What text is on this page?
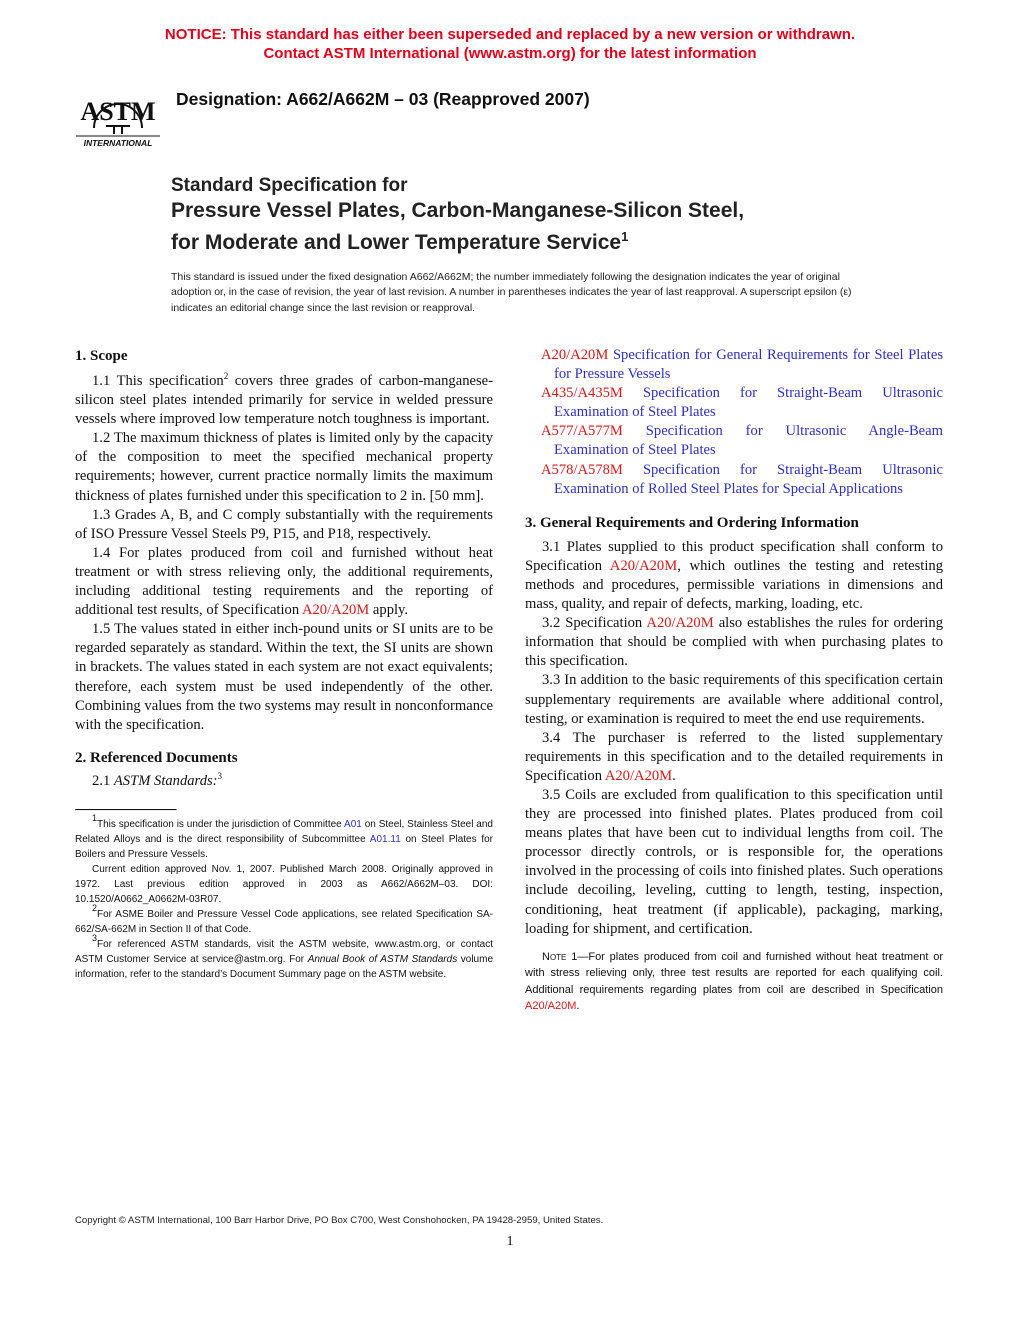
NOTICE: This standard has either been superseded and replaced by a new version or withdrawn.
Contact ASTM International (www.astm.org) for the latest information
ASTM
INTERNATIONAL
Designation: A662/A662M – 03 (Reapproved 2007)
Standard Specification for
Pressure Vessel Plates, Carbon-Manganese-Silicon Steel,
for Moderate and Lower Temperature Service$^1$
This standard is issued under the fixed designation A662/A662M; the number immediately following the designation indicates the year of original adoption or, in the case of revision, the year of last revision. A number in parentheses indicates the year of last reapproval. A superscript epsilon (ε) indicates an editorial change since the last revision or reapproval.
1. Scope

1.1 This specification$^2$ covers three grades of carbon-manganese-silicon steel plates intended primarily for service in welded pressure vessels where improved low temperature notch toughness is important.

1.2 The maximum thickness of plates is limited only by the capacity of the composition to meet the specified mechanical property requirements; however, current practice normally limits the maximum thickness of plates furnished under this specification to 2 in. [50 mm].

1.3 Grades A, B, and C comply substantially with the requirements of ISO Pressure Vessel Steels P9, P15, and P18, respectively.

1.4 For plates produced from coil and furnished without heat treatment or with stress relieving only, the additional requirements, including additional testing requirements and the reporting of additional test results, of Specification A20/A20M apply.

1.5 The values stated in either inch-pound units or SI units are to be regarded separately as standard. Within the text, the SI units are shown in brackets. The values stated in each system are not exact equivalents; therefore, each system must be used independently of the other. Combining values from the two systems may result in nonconformance with the specification.

2. Referenced Documents

2.1 ASTM Standards:$^3$

$^1$This specification is under the jurisdiction of Committee A01 on Steel, Stainless Steel and Related Alloys and is the direct responsibility of Subcommittee A01.11 on Steel Plates for Boilers and Pressure Vessels.

Current edition approved Nov. 1, 2007. Published March 2008. Originally approved in 1972. Last previous edition approved in 2003 as A662/A662M–03. DOI: 10.1520/A0662_A0662M-03R07.

$^2$For ASME Boiler and Pressure Vessel Code applications, see related Specification SA-662/SA-662M in Section II of that Code.

$^3$For referenced ASTM standards, visit the ASTM website, www.astm.org, or contact ASTM Customer Service at service@astm.org. For Annual Book of ASTM Standards volume information, refer to the standard’s Document Summary page on the ASTM website.

A20/A20M Specification for General Requirements for Steel Plates for Pressure Vessels
A435/A435M Specification for Straight-Beam Ultrasonic Examination of Steel Plates
A577/A577M Specification for Ultrasonic Angle-Beam Examination of Steel Plates
A578/A578M Specification for Straight-Beam Ultrasonic Examination of Rolled Steel Plates for Special Applications
3. General Requirements and Ordering Information

3.1 Plates supplied to this product specification shall conform to Specification A20/A20M, which outlines the testing and retesting methods and procedures, permissible variations in dimensions and mass, quality, and repair of defects, marking, loading, etc.

3.2 Specification A20/A20M also establishes the rules for ordering information that should be complied with when purchasing plates to this specification.

3.3 In addition to the basic requirements of this specification certain supplementary requirements are available where additional control, testing, or examination is required to meet the end use requirements.

3.4 The purchaser is referred to the listed supplementary requirements in this specification and to the detailed requirements in Specification A20/A20M.

3.5 Coils are excluded from qualification to this specification until they are processed into finished plates. Plates produced from coil means plates that have been cut to individual lengths from coil. The processor directly controls, or is responsible for, the operations involved in the processing of coils into finished plates. Such operations include decoiling, leveling, cutting to length, testing, inspection, conditioning, heat treatment (if applicable), packaging, marking, loading for shipment, and certification.

Note 1—For plates produced from coil and furnished without heat treatment or with stress relieving only, three test results are reported for each qualifying coil. Additional requirements regarding plates from coil are described in Specification A20/A20M.

Copyright © ASTM International, 100 Barr Harbor Drive, PO Box C700, West Conshohocken, PA 19428-2959, United States.
1
